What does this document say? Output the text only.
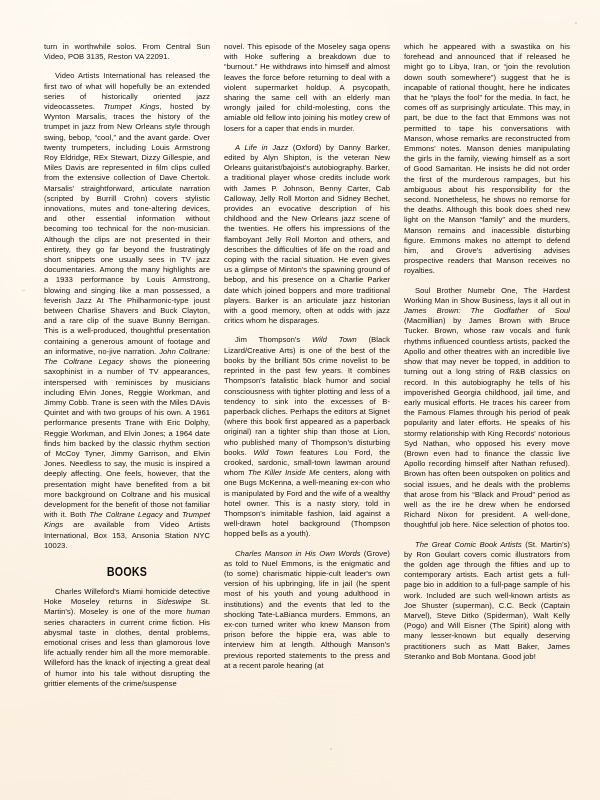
turn in worthwhile solos. From Central Sun Video, POB 3135, Reston VA 22091.

Video Artists International has released the first two of what will hopefully be an extended series of historically oriented jazz videocassetes. Trumpet Kings, hosted by Wynton Marsalis, traces the history of the trumpet in jazz from New Orleans style through swing, bebop, “cool,” and the avant garde. Over twenty trumpeters, including Louis Armstrong Roy Eldridge, REx Stewart, Dizzy Gillespie, and Miles Davis are represented in film clips culled from the extensive collection of Dave Chertok. Marsalis' straightforward, articulate narration (scripted by Burrill Crohn) covers stylistic innovations, mutes and tone-altering devices, and other essential information without becoming too technical for the non-musician. Although the clips are not presented in their entirety, they go far beyond the frustratingly short snippets one usually sees in TV jazz documentaries. Among the many highlights are a 1933 performance by Louis Armstrong, blowing and singing like a man possessed, a feverish Jazz At The Philharmonic-type joust between Charlise Shavers and Buck Clayton, and a rare clip of the suave Bunny Berrigan. This is a well-produced, thoughtful presentation containing a generous amount of footage and an informative, no-jive narration. John Coltrane: The Coltrane Legacy shows the pioneering saxophinist in a number of TV appearances, interspersed with reminisces by musicians including Elvin Jones, Reggie Workman, and Jimmy Cobb. Trane is seen with the Miles DAvis Quintet and with two groups of his own. A 1961 performance presents Trane with Eric Dolphy, Reggie Workman, and Elvin Jones; a 1964 date finds him backed by the classic rhythm section of McCoy Tyner, Jimmy Garrison, and Elvin Jones. Needless to say, the music is inspired a deeply affecting. One feels, however, that the presentation might have benefited from a bit more background on Coltrane and his musical development for the benefit of those not familiar with it. Both The Coltrane Legacy and Trumpet Kings are available from Video Artists International, Box 153, Ansonia Station NYC 10023.

BOOKS

Charles Willeford's Miami homicide detective Hoke Moseley returns in Sideswipe St. Martin's). Moseley is one of the more human series characters in current crime fiction. His abysmal taste in clothes, dental problems, emotional crises and less than glamorous love life actually render him all the more memorable. Willeford has the knack of injecting a great deal of humor into his tale without disrupting the grittier elements of the crime/suspense

novel. This episode of the Moseley saga opens with Hoke suffering a breakdown due to “burnout.” He withdraws into himself and almost leaves the force before returning to deal with a violent supermarket holdup. A psycopath, sharing the same cell with an elderly man wrongly jailed for child-molesting, cons the amiable old fellow into joining his motley crew of losers for a caper that ends in murder.

A Life in Jazz (Oxford) by Danny Barker, edited by Alyn Shipton, is the veteran New Orleans guitarist/bajoist's autobiography. Barker, a traditional player whose credits include work with James P. Johnson, Benny Carter, Cab Calloway, Jelly Roll Morton and Sidney Bechet, provides an evocative description of his childhood and the New Orleans jazz scene of the twenties. He offers his impressions of the flamboyant Jelly Roll Morton and others, and describes the difficulties of life on the road and coping with the racial situation. He even gives us a glimpse of Minton's the spawning ground of bebop, and his presence on a Charlie Parker date which joined boppers and more traditional players. Barker is an articulate jazz historian with a good memory, often at odds with jazz critics whom he disparages.

Jim Thompson's Wild Town (Black Lizard/Creative Arts) is one of the best of the books by the brilliant 50s crime novelist to be reprinted in the past few years. It combines Thompson's fatalistic black humor and social consciousness with tighter plotting and less of a tendency to sink into the excesses of B-paperback cliches. Perhaps the editors at Signet (where this book first appeared as a paperback original) ran a tighter ship than those at Lion, who published many of Thompson's disturbing books. Wild Town features Lou Ford, the crooked, sardonic, small-town lawman around whom The Killer Inside Me centers, along with one Bugs McKenna, a well-meaning ex-con who is manipulated by Ford and the wife of a wealthy hotel owner. This is a nasty story, told in Thompson's inimitable fashion, laid against a well-drawn hotel background (Thompson hopped bells as a youth).

Charles Manson in His Own Words (Grove) as told to Nuel Emmons, is the enigmatic and (to some) charismatic hippie-cult leader's own version of his upbringing, life in jail (he spent most of his youth and young adulthood in institutions) and the events that led to the shocking Tate-LaBianca murders. Emmons, an ex-con turned writer who knew Manson from prison before the hippie era, was able to interview him at length. Although Manson's previous reported statements to the press and at a recent parole hearing (at

which he appeared with a swastika on his forehead and announced that if released he might go to Libya, Iran, or “join the revolution down south somewhere”) suggest that he is incapable of rational thought, here he indicates that he “plays the fool” for the media. In fact, he comes off as surprisingly articulate. This may, in part, be due to the fact that Emmons was not permitted to tape his conversations with Manson, whose remarks are reconstructed from Emmons' notes. Manson denies manipulating the girls in the family, viewing himself as a sort of Good Samaritan. He insists he did not order the first of the murderous rampages, but his ambiguous about his responsibility for the second. Nonetheless, he shows no remorse for the deaths. Although this book does shed new light on the Manson “family” and the murders, Manson remains and inacessible disturbing figure. Emmons makes no attempt to defend him, and Grove's advertising advises prospective readers that Manson receives no royalties.

Soul Brother Numebr One, The Hardest Working Man in Show Business, lays it all out in James Brown: The Godfather of Soul (Macmillian) by James Brown with Bruce Tucker. Brown, whose raw vocals and funk rhythms influenced countless artists, packed the Apollo and other theatres with an incredible live show that may never be topped, in addition to turning out a long string of R&B classics on record. In this autobiography he tells of his impoverished Georgia childhood, jail time, and early musical efforts. He traces his career from the Famous Flames through his period of peak popularity and later efforts. He speaks of his stormy relationship with King Records' notorious Syd Nathan, who opposed his every move (Brown even had to finance the classic live Apollo recording himself after Nathan refused). Brown has often been outspoken on politics and social issues, and he deals with the problems that arose from his “Black and Proud” period as well as the ire he drew when he endorsed Richard Nixon for president. A well-done, thoughtful job here. Nice selection of photos too.

The Great Comic Book Artists (St. Martin's) by Ron Goulart covers comic illustrators from the golden age through the fifties and up to contemporary artists. Each artist gets a full-page bio in addition to a full-page sample of his work. Included are such well-known artists as Joe Shuster (superman), C.C. Beck (Captain Marvel), Steve Ditko (Spiderman), Walt Kelly (Pogo) and Will Eisner (The Spirit) along with many lesser-known but equally deserving practitioners such as Matt Baker, James Steranko and Bob Montana. Good job!
